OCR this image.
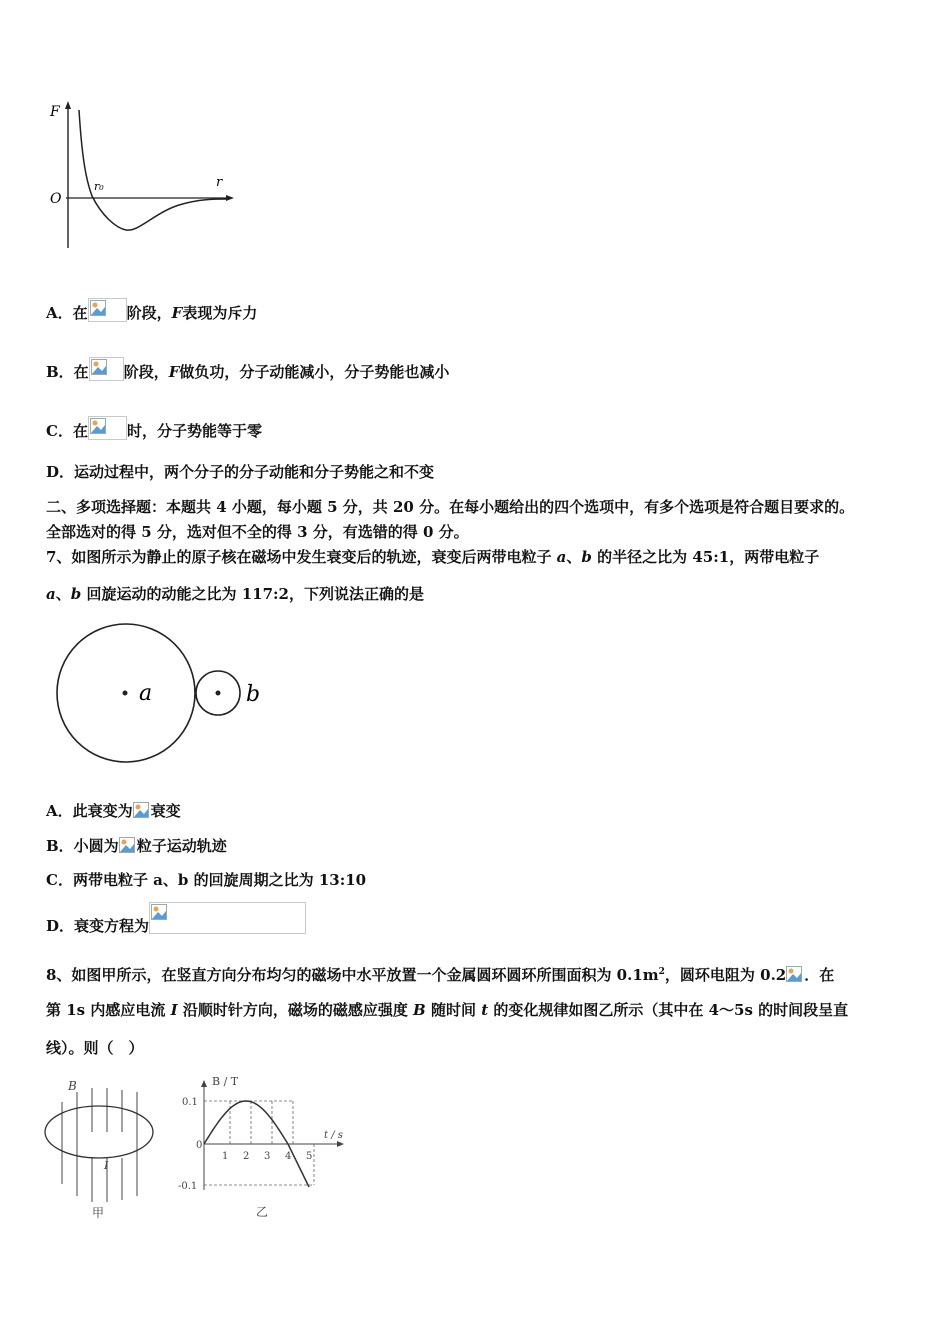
F
O
r₀	r
A．在	阶段，F表现为斥力
B．在 阶段，F做负功，分子动能减小，分子势能也减小
C．在	时，分子势能等于零
D．运动过程中，两个分子的分子动能和分子势能之和不变
二、多项选择题：本题共 4 小题，每小题 5 分，共 20 分。在每小题给出的四个选项中，有多个选项是符合题目要求的。
全部选对的得 5 分，选对但不全的得 3 分，有选错的得 0 分。
7、如图所示为静止的原子核在磁场中发生衰变后的轨迹，衰变后两带电粒子 a、b 的半径之比为 45:1，两带电粒子
a、b 回旋运动的动能之比为 117:2，下列说法正确的是
a	b
A．此衰变为 衰变
B．小圆为 粒子运动轨迹
C．两带电粒子 a、b 的回旋周期之比为 13:10
D．衰变方程为
8、如图甲所示，在竖直方向分布均匀的磁场中水平放置一个金属圆环圆环所围面积为 $0.1m^2$，圆环电阻为 0.2 ．在
第 1s 内感应电流 I 沿顺时针方向，磁场的磁感应强度 B 随时间 t 的变化规律如图乙所示（其中在 4～5s 的时间段呈直
线）。则（　）
B
I
甲
1 2 3 4 5
B / T
t / s
0
0.1
-0.1
乙
